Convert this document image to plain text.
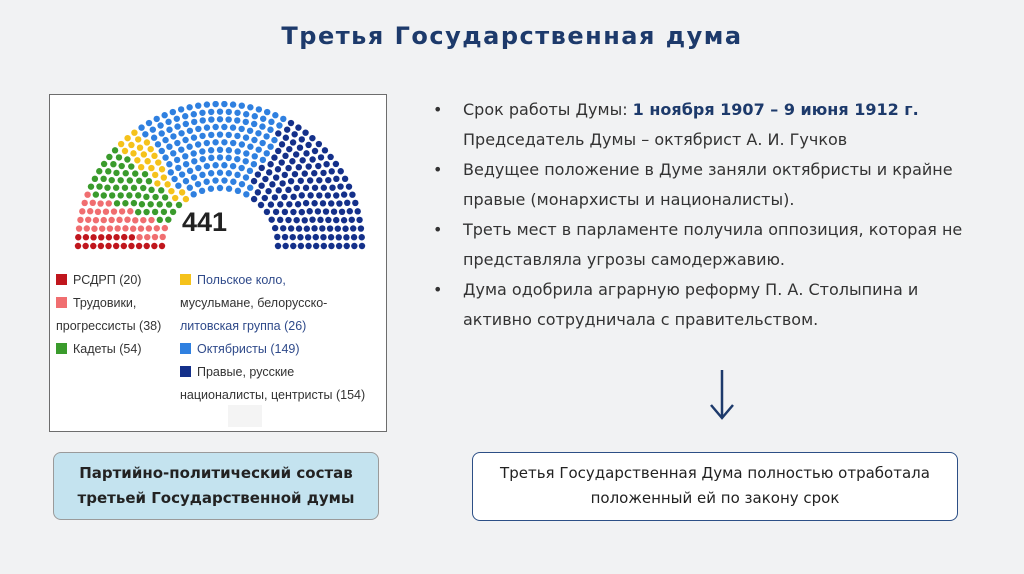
Третья Государственная дума
441
РСДРП (20)
Трудовики,
прогрессисты (38)
Кадеты (54)
Польское коло,
мусульмане, белорусско-
литовская группа (26)
Октябристы (149)
Правые, русские
националисты, центристы (154)
• Срок работы Думы: 1 ноября 1907 – 9 июня 1912 г.
Председатель Думы – октябрист А. И. Гучков
• Ведущее положение в Думе заняли октябристы и крайне
правые (монархисты и националисты).
• Треть мест в парламенте получила оппозиция, которая не
представляла угрозы самодержавию.
• Дума одобрила аграрную реформу П. А. Столыпина и
активно сотрудничала с правительством.
Партийно-политический состав
третьей Государственной думы
Третья Государственная Дума полностью отработала
положенный ей по закону срок
